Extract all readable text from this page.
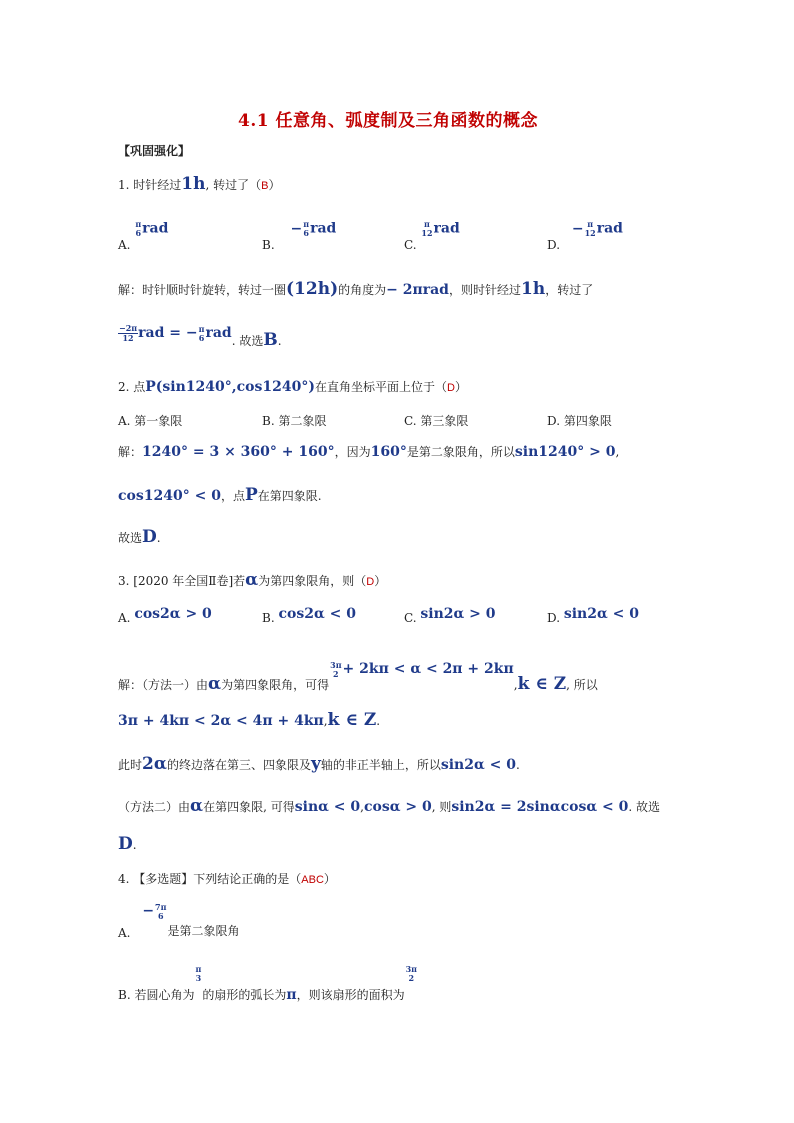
4.1 任意角、弧度制及三角函数的概念
【巩固强化】
1. 时针经过1h, 转过了（B）
A.
π
6 rad
B. − π
6 rad
C.
π
12 rad
D. − π
12 rad
解：时针顺时针旋转，转过一圈(12h)的角度为− 2πrad，则时针经过1h，转过了
$\frac{-2\pi}{12}$ rad = − π
6 rad. 故选B.
2. 点P(sin1240°,cos1240°)在直角坐标平面上位于（D）
A. 第一象限	B. 第二象限	C. 第三象限	D. 第四象限
解：1240° = 3 × 360° + 160°，因为160°是第二象限角，所以sin1240° > 0,
cos1240° < 0，点P在第四象限.
故选D.
3. [2020 年全国Ⅱ卷]若α为第四象限角，则（D）
A. cos2α > 0	B. cos2α < 0	C. sin2α > 0	D. sin2α < 0
解：（方法一）由α为第四象限角，可得
3π
2 + 2kπ < α < 2π + 2kπ,k ∈ Z, 所以
3π + 4kπ < 2α < 4π + 4kπ,k ∈ Z.
此时2α的终边落在第三、四象限及y轴的非正半轴上，所以sin2α < 0.
（方法二）由α在第四象限, 可得sinα < 0,cosα > 0, 则sin2α = 2sinαcosα < 0. 故选
D.
4. 【多选题】下列结论正确的是（ABC）
A. − 7π
6
是第二象限角
B. 若圆心角为
π
3
的扇形的弧长为π，则该扇形的面积为
3π
2
